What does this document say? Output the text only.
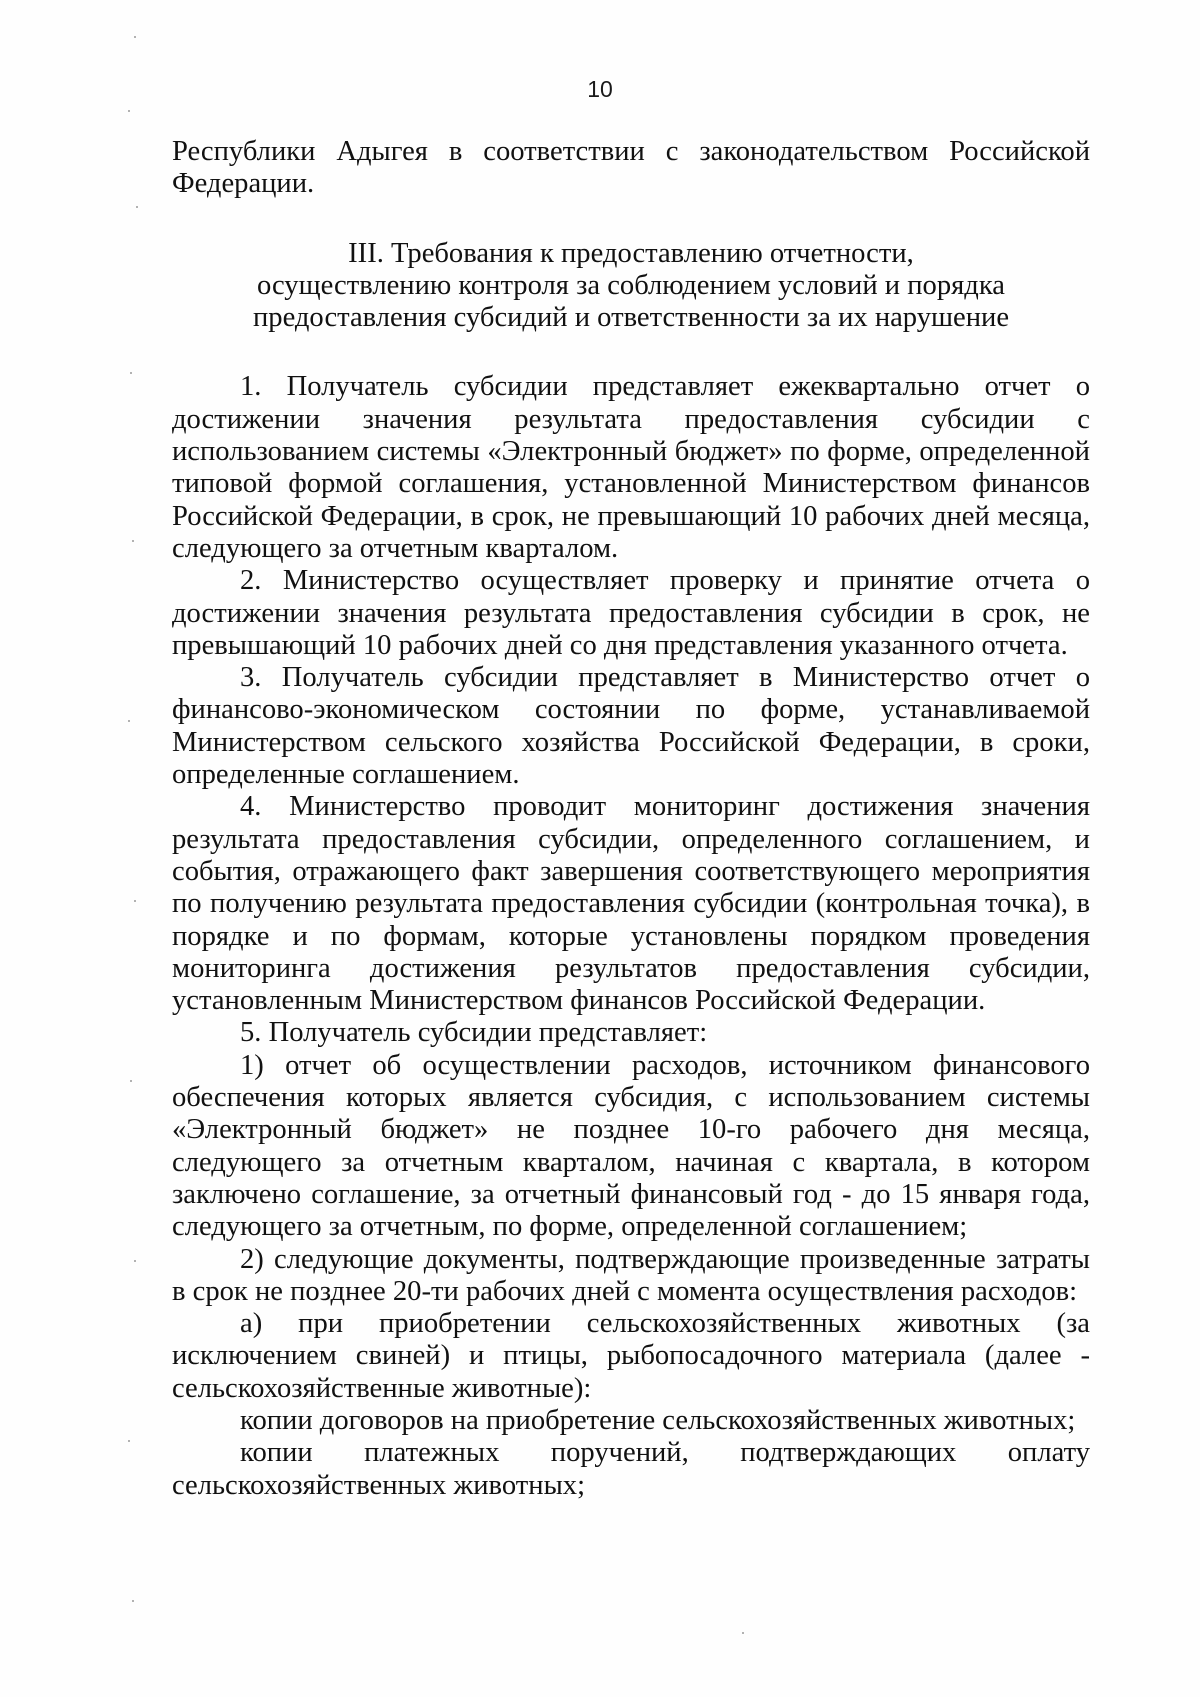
10

Республики Адыгея в соответствии с законодательством Российской Федерации.

III. Требования к предоставлению отчетности,
осуществлению контроля за соблюдением условий и порядка
предоставления субсидий и ответственности за их нарушение

1. Получатель субсидии представляет ежеквартально отчет о достижении значения результата предоставления субсидии с использованием системы «Электронный бюджет» по форме, определенной типовой формой соглашения, установленной Министерством финансов Российской Федерации, в срок, не превышающий 10 рабочих дней месяца, следующего за отчетным кварталом.

2. Министерство осуществляет проверку и принятие отчета о достижении значения результата предоставления субсидии в срок, не превышающий 10 рабочих дней со дня представления указанного отчета.

3. Получатель субсидии представляет в Министерство отчет о финансово-экономическом состоянии по форме, устанавливаемой Министерством сельского хозяйства Российской Федерации, в сроки, определенные соглашением.

4. Министерство проводит мониторинг достижения значения результата предоставления субсидии, определенного соглашением, и события, отражающего факт завершения соответствующего мероприятия по получению результата предоставления субсидии (контрольная точка), в порядке и по формам, которые установлены порядком проведения мониторинга достижения результатов предоставления субсидии, установленным Министерством финансов Российской Федерации.

5. Получатель субсидии представляет:

1) отчет об осуществлении расходов, источником финансового обеспечения которых является субсидия, с использованием системы «Электронный бюджет» не позднее 10-го рабочего дня месяца, следующего за отчетным кварталом, начиная с квартала, в котором заключено соглашение, за отчетный финансовый год - до 15 января года, следующего за отчетным, по форме, определенной соглашением;

2) следующие документы, подтверждающие произведенные затраты в срок не позднее 20-ти рабочих дней с момента осуществления расходов:

а) при приобретении сельскохозяйственных животных (за исключением свиней) и птицы, рыбопосадочного материала (далее - сельскохозяйственные животные):

копии договоров на приобретение сельскохозяйственных животных;

копии платежных поручений, подтверждающих оплату сельскохозяйственных животных;
